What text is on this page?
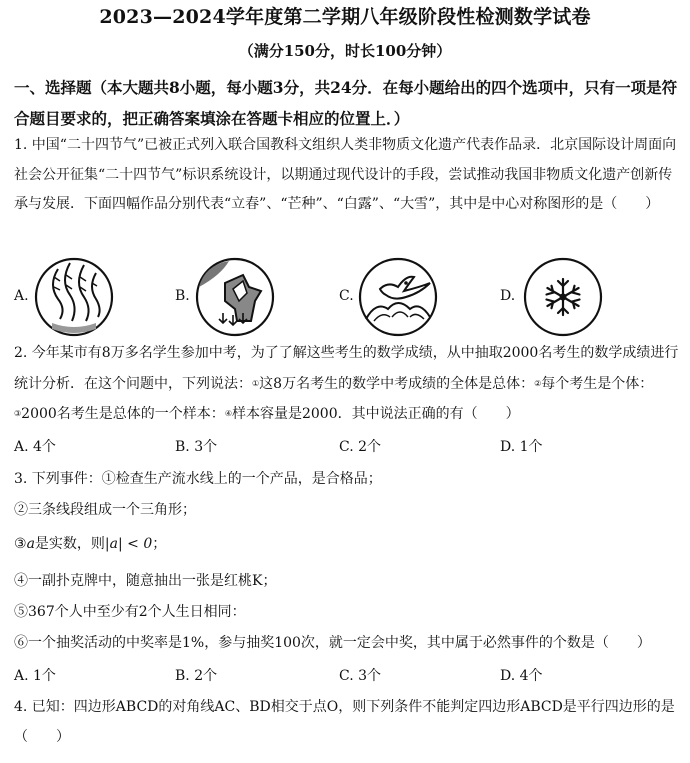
2023—2024学年度第二学期八年级阶段性检测数学试卷
（满分150分，时长100分钟）
一、选择题（本大题共8小题，每小题3分，共24分．在每小题给出的四个选项中，只有一项是符合题目要求的，把正确答案填涂在答题卡相应的位置上．）
1. 中国“二十四节气”已被正式列入联合国教科文组织人类非物质文化遗产代表作品录．北京国际设计周面向社会公开征集“二十四节气”标识系统设计，以期通过现代设计的手段，尝试推动我国非物质文化遗产创新传承与发展．下面四幅作品分别代表“立春”、“芒种”、“白露”、“大雪”，其中是中心对称图形的是（　　）
A.	B.	C.	D.
2. 今年某市有8万多名学生参加中考，为了了解这些考生的数学成绩，从中抽取2000名考生的数学成绩进行统计分析．在这个问题中，下列说法：①这8万名考生的数学中考成绩的全体是总体：②每个考生是个体：③2000名考生是总体的一个样本：④样本容量是2000．其中说法正确的有（　　）
A. 4个	B. 3个	C. 2个	D. 1个
3. 下列事件：①检查生产流水线上的一个产品，是合格品；
②三条线段组成一个三角形；
③a是实数，则|a| < 0；
④一副扑克牌中，随意抽出一张是红桃K；
⑤367个人中至少有2个人生日相同：
⑥一个抽奖活动的中奖率是1%，参与抽奖100次，就一定会中奖，其中属于必然事件的个数是（　　）
A. 1个	B. 2个	C. 3个	D. 4个
4. 已知：四边形ABCD的对角线AC、BD相交于点O，则下列条件不能判定四边形ABCD是平行四边形的是（　　）
